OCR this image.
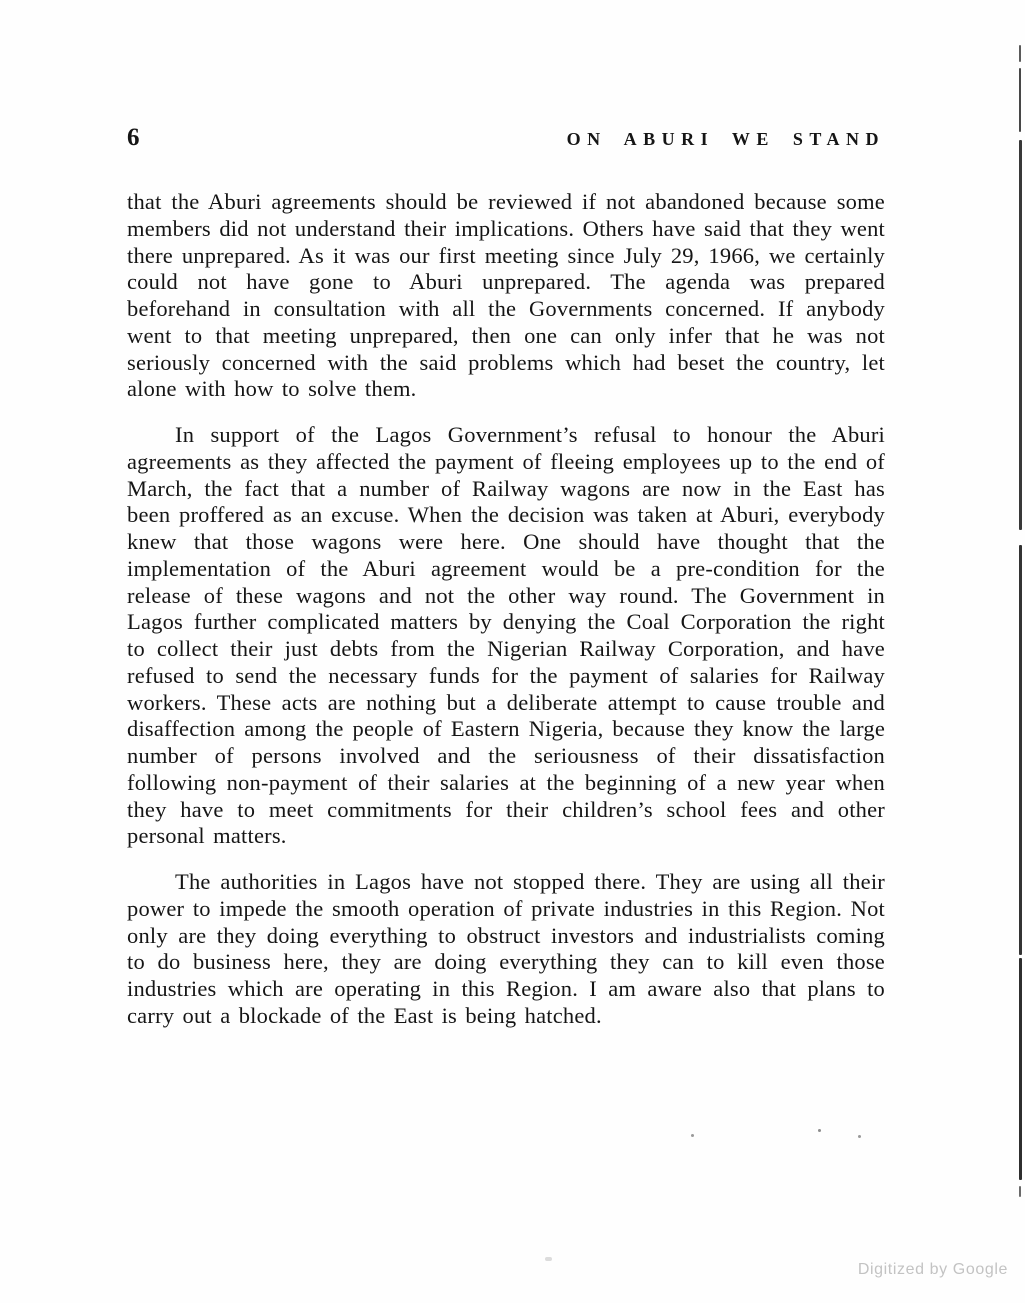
6	ON ABURI WE STAND

that the Aburi agreements should be reviewed if not abandoned because some members did not understand their implications. Others have said that they went there unprepared. As it was our first meeting since July 29, 1966, we certainly could not have gone to Aburi unprepared. The agenda was prepared beforehand in consultation with all the Governments concerned. If anybody went to that meeting unprepared, then one can only infer that he was not seriously concerned with the said problems which had beset the country, let alone with how to solve them.

In support of the Lagos Government’s refusal to honour the Aburi agreements as they affected the payment of fleeing employees up to the end of March, the fact that a number of Railway wagons are now in the East has been proffered as an excuse. When the decision was taken at Aburi, everybody knew that those wagons were here. One should have thought that the implementation of the Aburi agreement would be a pre-condition for the release of these wagons and not the other way round. The Government in Lagos further complicated matters by denying the Coal Corporation the right to collect their just debts from the Nigerian Railway Corporation, and have refused to send the necessary funds for the payment of salaries for Railway workers. These acts are nothing but a deliberate attempt to cause trouble and disaffection among the people of Eastern Nigeria, because they know the large number of persons involved and the seriousness of their dissatisfaction following non-payment of their salaries at the beginning of a new year when they have to meet commitments for their children’s school fees and other personal matters.

The authorities in Lagos have not stopped there. They are using all their power to impede the smooth operation of private industries in this Region. Not only are they doing everything to obstruct investors and industrialists coming to do business here, they are doing everything they can to kill even those industries which are operating in this Region. I am aware also that plans to carry out a blockade of the East is being hatched.

Digitized by Google
